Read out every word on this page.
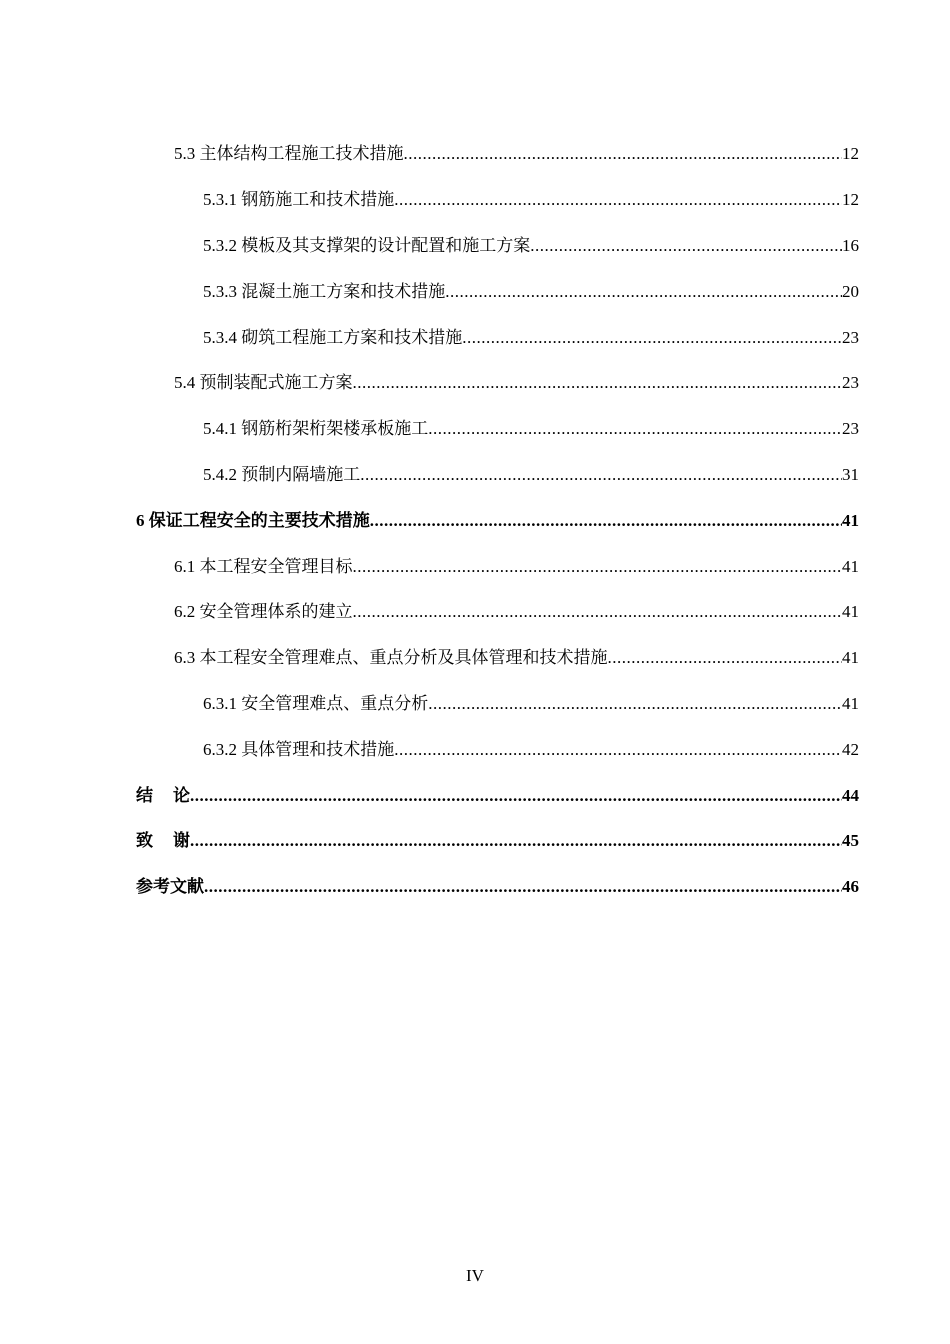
5.3 主体结构工程施工技术措施 .....	12
5.3.1 钢筋施工和技术措施 .....	12
5.3.2 模板及其支撑架的设计配置和施工方案 .....	16
5.3.3 混凝土施工方案和技术措施 .....	20
5.3.4 砌筑工程施工方案和技术措施 .....	23
5.4 预制装配式施工方案 .....	23
5.4.1 钢筋桁架桁架楼承板施工 .....	23
5.4.2 预制内隔墙施工 .....	31
6 保证工程安全的主要技术措施 .....	41
6.1 本工程安全管理目标 .....	41
6.2 安全管理体系的建立 .....	41
6.3 本工程安全管理难点、重点分析及具体管理和技术措施 .....	41
6.3.1 安全管理难点、重点分析 .....	41
6.3.2 具体管理和技术措施 .....	42
结 论 .....	44
致 谢 .....	45
参考文献 .....	46
IV
